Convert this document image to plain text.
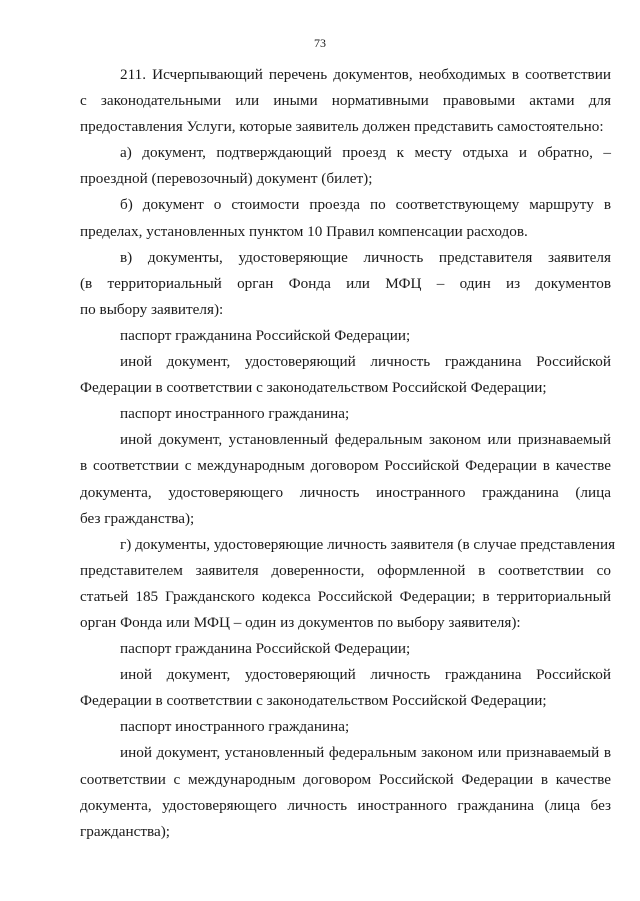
73

211. Исчерпывающий перечень документов, необходимых в соответствии
с законодательными или иными нормативными правовыми актами для
предоставления Услуги, которые заявитель должен представить самостоятельно:

а) документ, подтверждающий проезд к месту отдыха и обратно, –
проездной (перевозочный) документ (билет);

б) документ о стоимости проезда по соответствующему маршруту в
пределах, установленных пунктом 10 Правил компенсации расходов.

в) документы, удостоверяющие личность представителя заявителя
(в территориальный орган Фонда или МФЦ – один из документов
по выбору заявителя):

паспорт гражданина Российской Федерации;

иной документ, удостоверяющий личность гражданина Российской
Федерации в соответствии с законодательством Российской Федерации;

паспорт иностранного гражданина;

иной документ, установленный федеральным законом или признаваемый
в соответствии с международным договором Российской Федерации в качестве
документа, удостоверяющего личность иностранного гражданина (лица
без гражданства);

г) документы, удостоверяющие личность заявителя (в случае представления
представителем заявителя доверенности, оформленной в соответствии со
статьей 185 Гражданского кодекса Российской Федерации; в территориальный
орган Фонда или МФЦ – один из документов по выбору заявителя):

паспорт гражданина Российской Федерации;

иной документ, удостоверяющий личность гражданина Российской
Федерации в соответствии с законодательством Российской Федерации;

паспорт иностранного гражданина;

иной документ, установленный федеральным законом или признаваемый в
соответствии с международным договором Российской Федерации в качестве
документа, удостоверяющего личность иностранного гражданина (лица без
гражданства);
